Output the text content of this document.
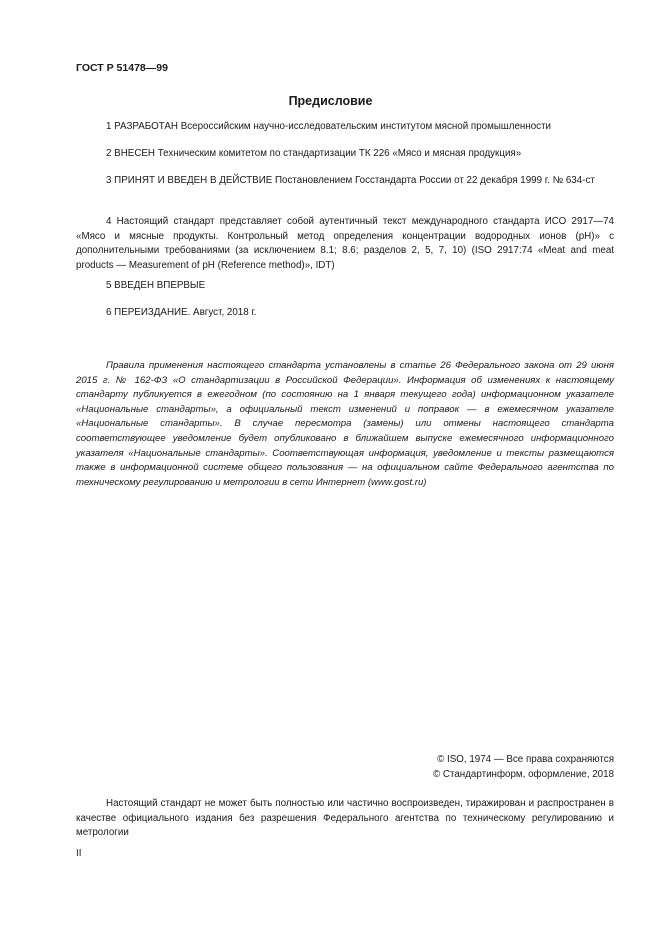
ГОСТ Р 51478—99
Предисловие
1 РАЗРАБОТАН Всероссийским научно-исследовательским институтом мясной промышленности
2 ВНЕСЕН Техническим комитетом по стандартизации ТК 226 «Мясо и мясная продукция»
3 ПРИНЯТ И ВВЕДЕН В ДЕЙСТВИЕ Постановлением Госстандарта России от 22 декабря 1999 г. № 634-ст
4 Настоящий стандарт представляет собой аутентичный текст международного стандарта ИСО 2917—74 «Мясо и мясные продукты. Контрольный метод определения концентрации водородных ионов (pH)» с дополнительными требованиями (за исключением 8.1; 8.6; разделов 2, 5, 7, 10) (ISO 2917:74 «Meat and meat products — Measurement of pH (Reference method)», IDT)
5 ВВЕДЕН ВПЕРВЫЕ
6 ПЕРЕИЗДАНИЕ. Август, 2018 г.
Правила применения настоящего стандарта установлены в статье 26 Федерального закона от 29 июня 2015 г. № 162-ФЗ «О стандартизации в Российской Федерации». Информация об изменениях к настоящему стандарту публикуется в ежегодном (по состоянию на 1 января текущего года) информационном указателе «Национальные стандарты», а официальный текст изменений и поправок — в ежемесячном указателе «Национальные стандарты». В случае пересмотра (замены) или отмены настоящего стандарта соответствующее уведомление будет опубликовано в ближайшем выпуске ежемесячного информационного указателя «Национальные стандарты». Соответствующая информация, уведомление и тексты размещаются также в информационной системе общего пользования — на официальном сайте Федерального агентства по техническому регулированию и метрологии в сети Интернет (www.gost.ru)
© ISO, 1974 — Все права сохраняются
© Стандартинформ, оформление, 2018
Настоящий стандарт не может быть полностью или частично воспроизведен, тиражирован и распространен в качестве официального издания без разрешения Федерального агентства по техническому регулированию и метрологии
II
